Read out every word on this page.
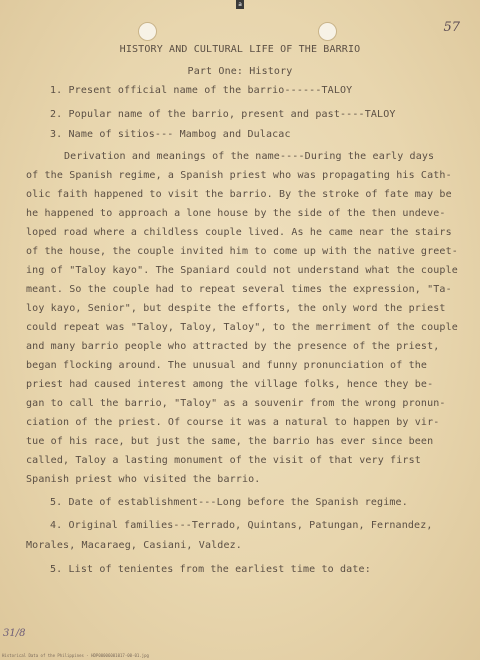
a
57
HISTORY AND CULTURAL LIFE OF THE BARRIO
Part One: History
1. Present official name of the barrio------TALOY
2. Popular name of the barrio, present and past----TALOY
3. Name of sitios--- Mambog and Dulacac
Derivation and meanings of the name----During the early days
of the Spanish regime, a Spanish priest who was propagating his Cath-
olic faith happened to visit the barrio. By the stroke of fate may be
he happened to approach a lone house by the side of the then undeve-
loped road where a childless couple lived. As he came near the stairs
of the house, the couple invited him to come up with the native greet-
ing of "Taloy kayo". The Spaniard could not understand what the couple
meant. So the couple had to repeat several times the expression, "Ta-
loy kayo, Senior", but despite the efforts, the only word the priest
could repeat was "Taloy, Taloy, Taloy", to the merriment of the couple
and many barrio people who attracted by the presence of the priest,
began flocking around. The unusual and funny pronunciation of the
priest had caused interest among the village folks, hence they be-
gan to call the barrio, "Taloy" as a souvenir from the wrong pronun-
ciation of the priest. Of course it was a natural to happen by vir-
tue of his race, but just the same, the barrio has ever since been
called, Taloy a lasting monument of the visit of that very first
Spanish priest who visited the barrio.
5. Date of establishment---Long before the Spanish regime.
4. Original families---Terrado, Quintans, Patungan, Fernandez,
Morales, Macaraeg, Casiani, Valdez.
5. List of tenientes from the earliest time to date:
31/8
Historical Data of the Philippines - HDP00006001017-00-01.jpg
